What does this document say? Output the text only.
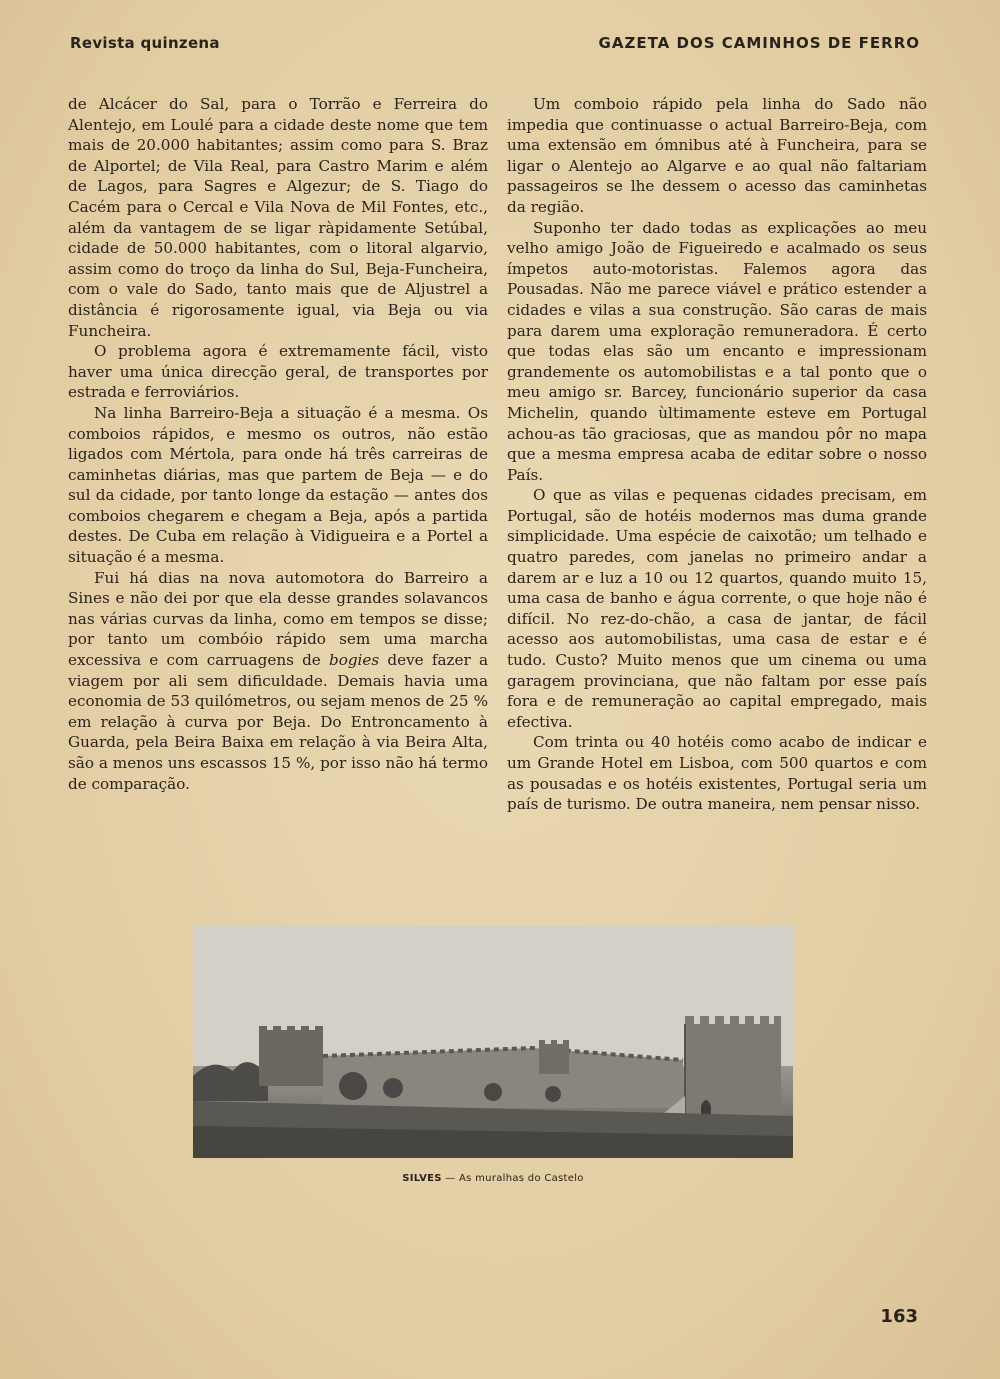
Revista quinzena	GAZETA DOS CAMINHOS DE FERRO

de Alcácer do Sal, para o Torrão e Ferreira do Alentejo, em Loulé para a cidade deste nome que tem mais de 20.000 habitantes; assim como para S. Braz de Alportel; de Vila Real, para Castro Marim e além de Lagos, para Sagres e Algezur; de S. Tiago do Cacém para o Cercal e Vila Nova de Mil Fontes, etc., além da vantagem de se ligar ràpidamente Setúbal, cidade de 50.000 habitantes, com o litoral algarvio, assim como do troço da linha do Sul, Beja-Funcheira, com o vale do Sado, tanto mais que de Aljustrel a distância é rigorosamente igual, via Beja ou via Funcheira.

O problema agora é extremamente fácil, visto haver uma única direcção geral, de transportes por estrada e ferroviários.

Na linha Barreiro-Beja a situação é a mesma. Os comboios rápidos, e mesmo os outros, não estão ligados com Mértola, para onde há três carreiras de caminhetas diárias, mas que partem de Beja — e do sul da cidade, por tanto longe da estação — antes dos comboios chegarem e chegam a Beja, após a partida destes. De Cuba em relação à Vidigueira e a Portel a situação é a mesma.

Fui há dias na nova automotora do Barreiro a Sines e não dei por que ela desse grandes solavancos nas várias curvas da linha, como em tempos se disse; por tanto um combóio rápido sem uma marcha excessiva e com carruagens de bogies deve fazer a viagem por ali sem dificuldade. Demais havia uma economia de 53 quilómetros, ou sejam menos de 25 % em relação à curva por Beja. Do Entroncamento à Guarda, pela Beira Baixa em relação à via Beira Alta, são a menos uns escassos 15 %, por isso não há termo de comparação.

Um comboio rápido pela linha do Sado não impedia que continuasse o actual Barreiro-Beja, com uma extensão em ómnibus até à Funcheira, para se ligar o Alentejo ao Algarve e ao qual não faltariam passageiros se lhe dessem o acesso das caminhetas da região.

Suponho ter dado todas as explicações ao meu velho amigo João de Figueiredo e acalmado os seus ímpetos auto-motoristas. Falemos agora das Pousadas. Não me parece viável e prático estender a cidades e vilas a sua construção. São caras de mais para darem uma exploração remuneradora. É certo que todas elas são um encanto e impressionam grandemente os automobilistas e a tal ponto que o meu amigo sr. Barcey, funcionário superior da casa Michelin, quando ùltimamente esteve em Portugal achou-as tão graciosas, que as mandou pôr no mapa que a mesma empresa acaba de editar sobre o nosso País.

O que as vilas e pequenas cidades precisam, em Portugal, são de hotéis modernos mas duma grande simplicidade. Uma espécie de caixotão; um telhado e quatro paredes, com janelas no primeiro andar a darem ar e luz a 10 ou 12 quartos, quando muito 15, uma casa de banho e água corrente, o que hoje não é difícil. No rez-do-chão, a casa de jantar, de fácil acesso aos automobilistas, uma casa de estar e é tudo. Custo? Muito menos que um cinema ou uma garagem provinciana, que não faltam por esse país fora e de remuneração ao capital empregado, mais efectiva.

Com trinta ou 40 hotéis como acabo de indicar e um Grande Hotel em Lisboa, com 500 quartos e com as pousadas e os hotéis existentes, Portugal seria um país de turismo. De outra maneira, nem pensar nisso.

SILVES — As muralhas do Castelo
163
